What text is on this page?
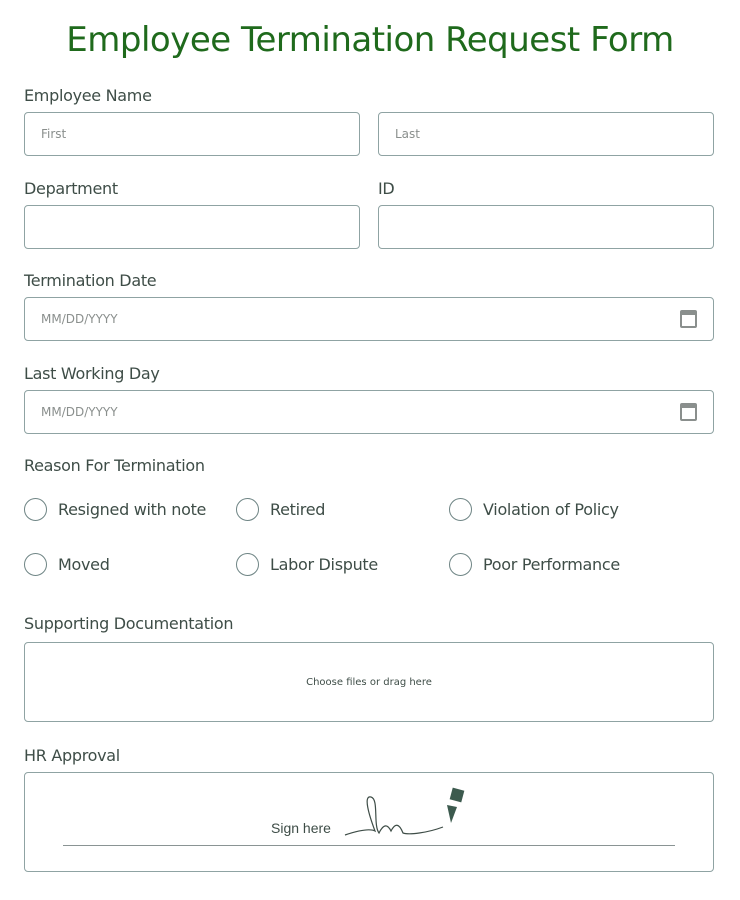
Employee Termination Request Form
Employee Name
First	Last
Department	ID
Termination Date
MM/DD/YYYY
Last Working Day
MM/DD/YYYY
Reason For Termination
Resigned with note	Retired	Violation of Policy
Moved	Labor Dispute	Poor Performance
Supporting Documentation
Choose files or drag here
HR Approval
Sign here
